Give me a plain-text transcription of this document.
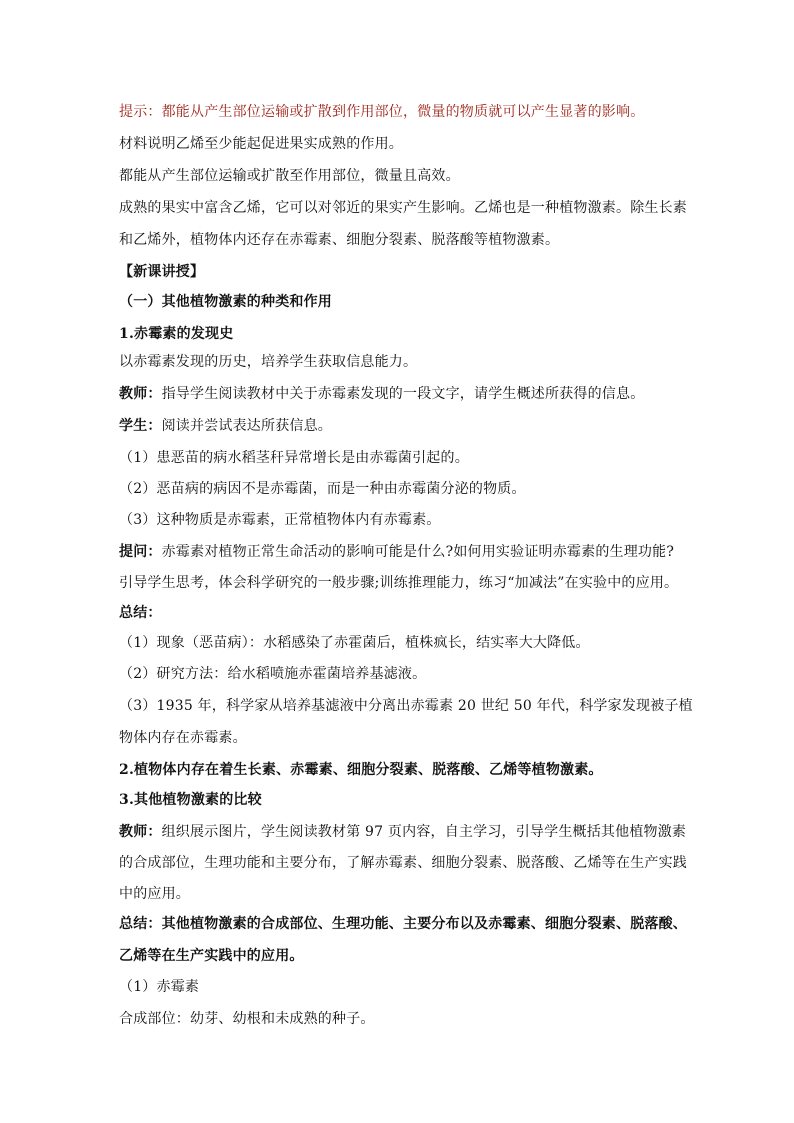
提示：都能从产生部位运输或扩散到作用部位，微量的物质就可以产生显著的影响。
材料说明乙烯至少能起促进果实成熟的作用。
都能从产生部位运输或扩散至作用部位，微量且高效。
成熟的果实中富含乙烯，它可以对邻近的果实产生影响。乙烯也是一种植物激素。除生长素
和乙烯外，植物体内还存在赤霉素、细胞分裂素、脱落酸等植物激素。
【新课讲授】
（一）其他植物激素的种类和作用
1.赤霉素的发现史
以赤霉素发现的历史，培养学生获取信息能力。
教师：指导学生阅读教材中关于赤霉素发现的一段文字，请学生概述所获得的信息。
学生：阅读并尝试表达所获信息。
（1）患恶苗的病水稻茎秆异常增长是由赤霉菌引起的。
（2）恶苗病的病因不是赤霉菌，而是一种由赤霉菌分泌的物质。
（3）这种物质是赤霉素，正常植物体内有赤霉素。
提问：赤霉素对植物正常生命活动的影响可能是什么?如何用实验证明赤霉素的生理功能?
引导学生思考，体会科学研究的一般步骤;训练推理能力，练习“加减法”在实验中的应用。
总结：
（1）现象（恶苗病）：水稻感染了赤霍菌后，植株疯长，结实率大大降低。
（2）研究方法：给水稻喷施赤霍菌培养基滤液。
（3）1935 年，科学家从培养基滤液中分离出赤霉素 20 世纪 50 年代，科学家发现被子植
物体内存在赤霉素。
2.植物体内存在着生长素、赤霉素、细胞分裂素、脱落酸、乙烯等植物激素。
3.其他植物激素的比较
教师：组织展示图片，学生阅读教材第 97 页内容，自主学习，引导学生概括其他植物激素
的合成部位，生理功能和主要分布，了解赤霉素、细胞分裂素、脱落酸、乙烯等在生产实践
中的应用。
总结：其他植物激素的合成部位、生理功能、主要分布以及赤霉素、细胞分裂素、脱落酸、
乙烯等在生产实践中的应用。
（1）赤霉素
合成部位：幼芽、幼根和未成熟的种子。
